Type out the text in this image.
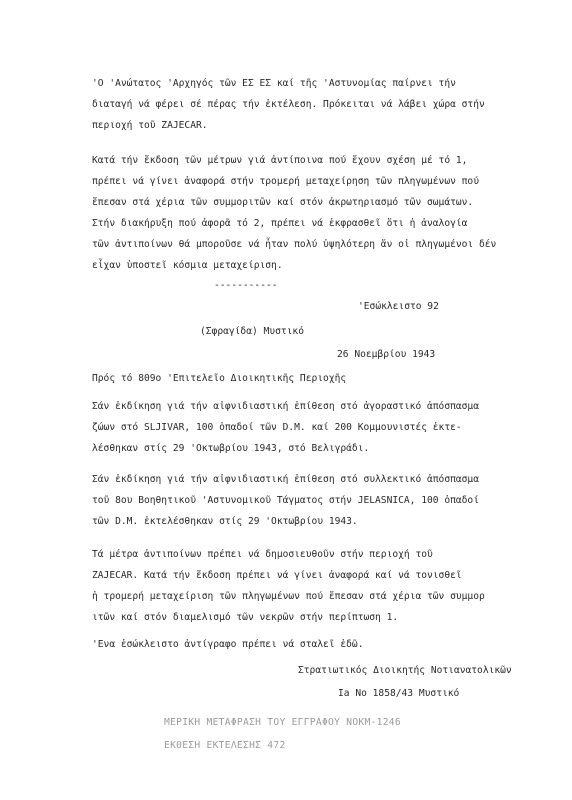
'Ο 'Ανώτατος 'Αρχηγός τῶν ΕΣ ΕΣ καί τῆς 'Αστυνομίας παίρνει τήν
διαταγή νά φέρει σέ πέρας τήν ἐκτέλεση. Πρόκειται νά λάβει χώρα στήν
περιοχή τοῦ ZAJECAR.
Κατά τήν ἔκδοση τῶν μέτρων γιά ἀντίποινα πού ἔχουν σχέση μέ τό 1,
πρέπει νά γίνει ἀναφορά στήν τρομερή μεταχείρηση τῶν πληγωμένων πού
ἔπεσαν στά χέρια τῶν συμμοριτῶν καί στόν ἀκρωτηριασμό τῶν σωμάτων.
Στήν διακήρυξη πού ἀφορᾶ τό 2, πρέπει νά ἐκφρασθεῖ ὅτι ἡ ἀναλογία
τῶν ἀντιποίνων θά μποροῦσε νά ἦταν πολύ ὑψηλότερη ἄν οἱ πληγωμένοι δέν
εἶχαν ὑποστεῖ κόσμια μεταχείριση.
-----------
'Εσώκλειστο 92
(Σφραγίδα) Μυστικό
26 Νοεμβρίου 1943
Πρός τό 809ο 'Επιτελεῖο Διοικητικῆς Περιοχῆς
Σάν ἐκδίκηση γιά τήν αἰφνιδιαστική ἐπίθεση στό ἀγοραστικό ἀπόσπασμα
ζώων στό SLJIVAR, 100 ὀπαδοί τῶν D.M. καί 200 Κομμουνιστές ἐκτε-
λέσθηκαν στίς 29 'Οκτωβρίου 1943, στό Βελιγράδι.
Σάν ἐκδίκηση γιά τήν αἰφνιδιαστική ἐπίθεση στό συλλεκτικό ἀπόσπασμα
τοῦ 8ου Βοηθητικοῦ 'Αστυνομικοῦ Τάγματος στήν JELASNICA, 100 ὀπαδοί
τῶν D.M. ἐκτελέσθηκαν στίς 29 'Οκτωβρίου 1943.
Τά μέτρα ἀντιποίνων πρέπει νά δημοσιευθοῦν στήν περιοχή τοῦ
ZAJECAR. Κατά τήν ἔκδοση πρέπει νά γίνει ἀναφορά καί νά τονισθεῖ
ἡ τρομερή μεταχείριση τῶν πληγωμένων πού ἔπεσαν στά χέρια τῶν συμμορ
ιτῶν καί στόν διαμελισμό τῶν νεκρῶν στήν περίπτωση 1.
'Ενα ἐσώκλειστο ἀντίγραφο πρέπει νά σταλεῖ ἐδῶ.
Στρατιωτικός Διοικητής Νοτιανατολικῶν
Ia No 1858/43 Μυστικό
ΜΕΡΙΚΗ ΜΕΤΑΦΡΑΣΗ ΤΟΥ ΕΓΓΡΑΦΟΥ ΝΟΚΜ-1246
ΕΚΘΕΣΗ ΕΚΤΕΛΕΣΗΣ 472
